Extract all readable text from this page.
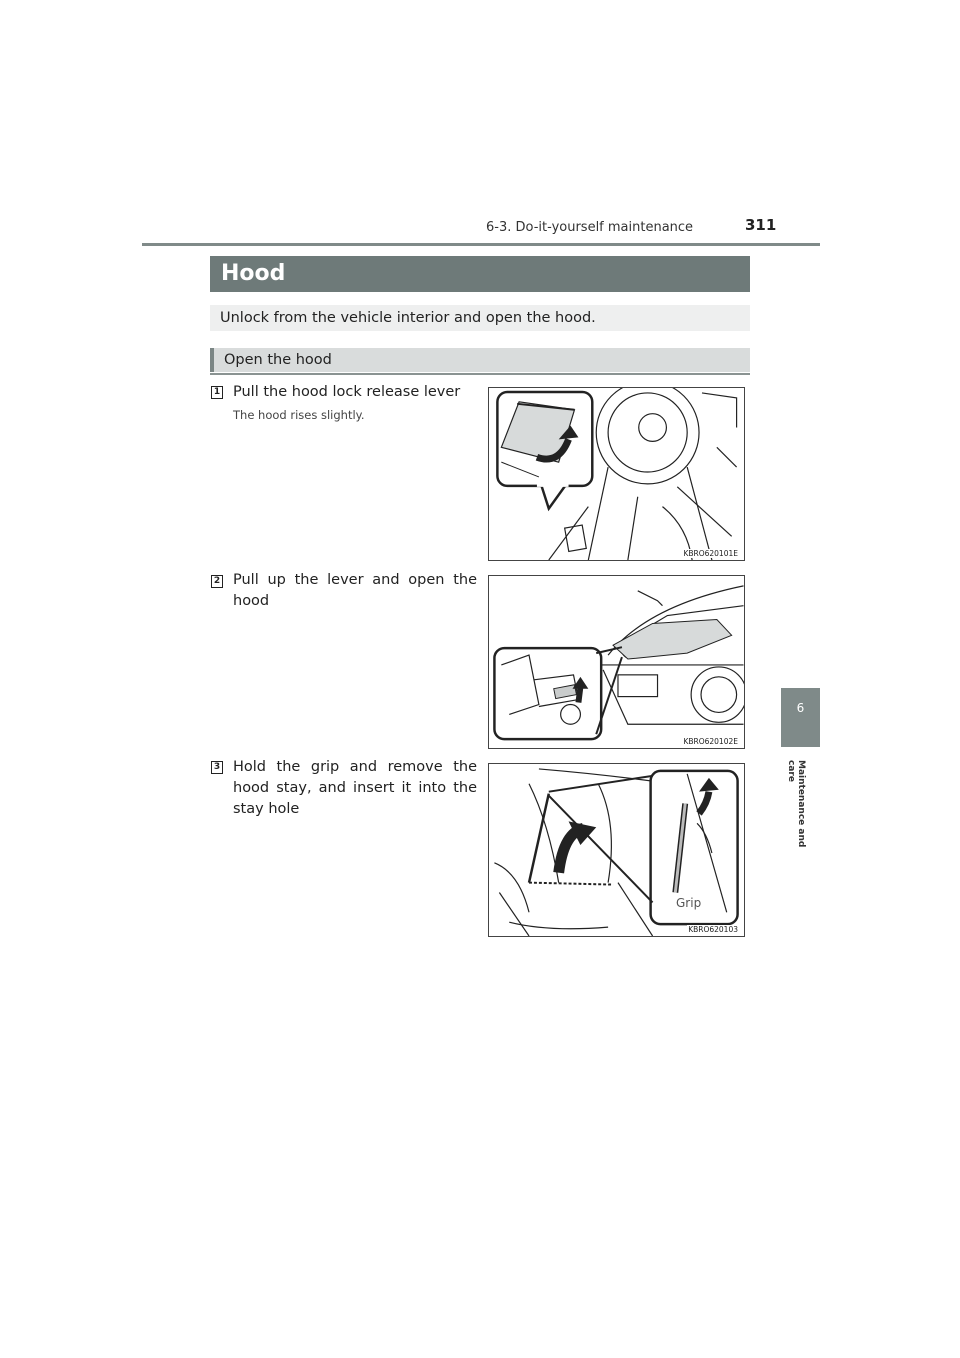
6-3. Do-it-yourself maintenance	311
6
Maintenance and care
Hood
Unlock from the vehicle interior and open the hood.
Open the hood
1 Pull the hood lock release lever
The hood rises slightly.
KBRO620101E
2 Pull up the lever and open the hood
KBRO620102E
3 Hold the grip and remove the hood stay, and insert it into the stay hole
KBRO620103
Grip
